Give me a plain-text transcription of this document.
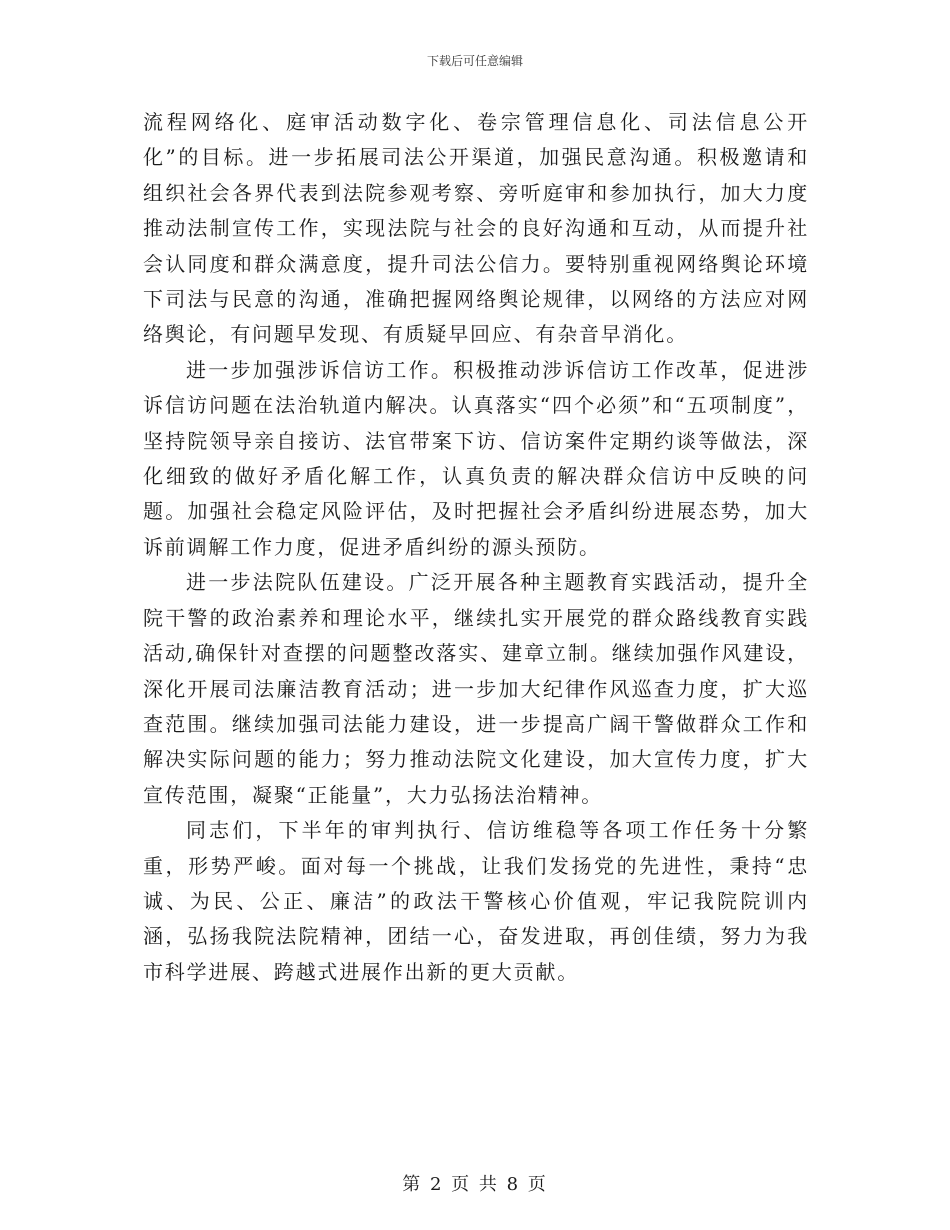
下载后可任意编辑

流程网络化、庭审活动数字化、卷宗管理信息化、司法信息公开化”的目标。进一步拓展司法公开渠道，加强民意沟通。积极邀请和组织社会各界代表到法院参观考察、旁听庭审和参加执行，加大力度推动法制宣传工作，实现法院与社会的良好沟通和互动，从而提升社会认同度和群众满意度，提升司法公信力。要特别重视网络舆论环境下司法与民意的沟通，准确把握网络舆论规律，以网络的方法应对网络舆论，有问题早发现、有质疑早回应、有杂音早消化。

进一步加强涉诉信访工作。积极推动涉诉信访工作改革，促进涉诉信访问题在法治轨道内解决。认真落实“四个必须”和“五项制度”，坚持院领导亲自接访、法官带案下访、信访案件定期约谈等做法，深化细致的做好矛盾化解工作，认真负责的解决群众信访中反映的问题。加强社会稳定风险评估，及时把握社会矛盾纠纷进展态势，加大诉前调解工作力度，促进矛盾纠纷的源头预防。

进一步法院队伍建设。广泛开展各种主题教育实践活动，提升全院干警的政治素养和理论水平，继续扎实开展党的群众路线教育实践活动,确保针对查摆的问题整改落实、建章立制。继续加强作风建设，深化开展司法廉洁教育活动；进一步加大纪律作风巡查力度，扩大巡查范围。继续加强司法能力建设，进一步提高广阔干警做群众工作和解决实际问题的能力；努力推动法院文化建设，加大宣传力度，扩大宣传范围，凝聚“正能量”，大力弘扬法治精神。

同志们，下半年的审判执行、信访维稳等各项工作任务十分繁重，形势严峻。面对每一个挑战，让我们发扬党的先进性，秉持“忠诚、为民、公正、廉洁”的政法干警核心价值观，牢记我院院训内涵，弘扬我院法院精神，团结一心，奋发进取，再创佳绩，努力为我市科学进展、跨越式进展作出新的更大贡献。

第 2 页 共 8 页
